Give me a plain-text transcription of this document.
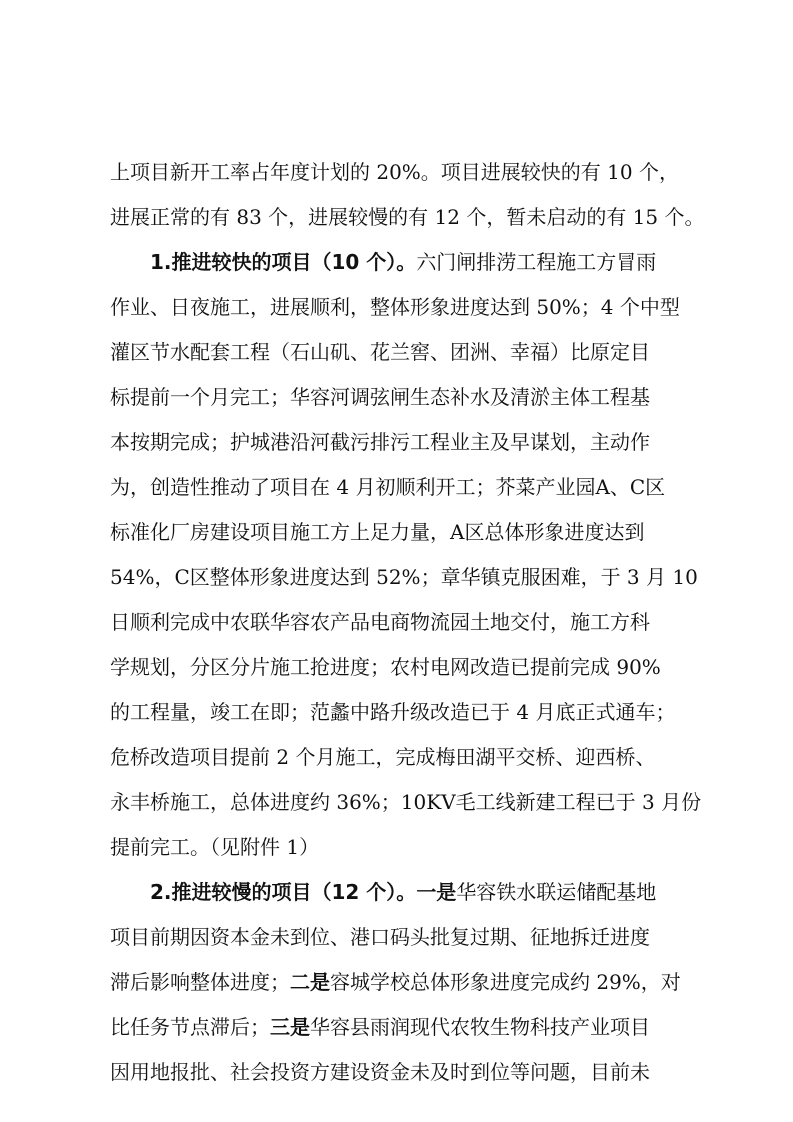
上项目新开工率占年度计划的 20%。项目进展较快的有 10 个，
进展正常的有 83 个，进展较慢的有 12 个，暂未启动的有 15 个。
1.推进较快的项目（10 个）。六门闸排涝工程施工方冒雨
作业、日夜施工，进展顺利，整体形象进度达到 50%；4 个中型
灌区节水配套工程（石山矶、花兰窖、团洲、幸福）比原定目
标提前一个月完工；华容河调弦闸生态补水及清淤主体工程基
本按期完成；护城港沿河截污排污工程业主及早谋划，主动作
为，创造性推动了项目在 4 月初顺利开工；芥菜产业园A、C区
标准化厂房建设项目施工方上足力量，A区总体形象进度达到
54%，C区整体形象进度达到 52%；章华镇克服困难，于 3 月 10
日顺利完成中农联华容农产品电商物流园土地交付，施工方科
学规划，分区分片施工抢进度；农村电网改造已提前完成 90%
的工程量，竣工在即；范蠡中路升级改造已于 4 月底正式通车；
危桥改造项目提前 2 个月施工，完成梅田湖平交桥、迎西桥、
永丰桥施工，总体进度约 36%；10KV毛工线新建工程已于 3 月份
提前完工。（见附件 1）
2.推进较慢的项目（12 个）。一是华容铁水联运储配基地
项目前期因资本金未到位、港口码头批复过期、征地拆迁进度
滞后影响整体进度；二是容城学校总体形象进度完成约 29%，对
比任务节点滞后；三是华容县雨润现代农牧生物科技产业项目
因用地报批、社会投资方建设资金未及时到位等问题，目前未
